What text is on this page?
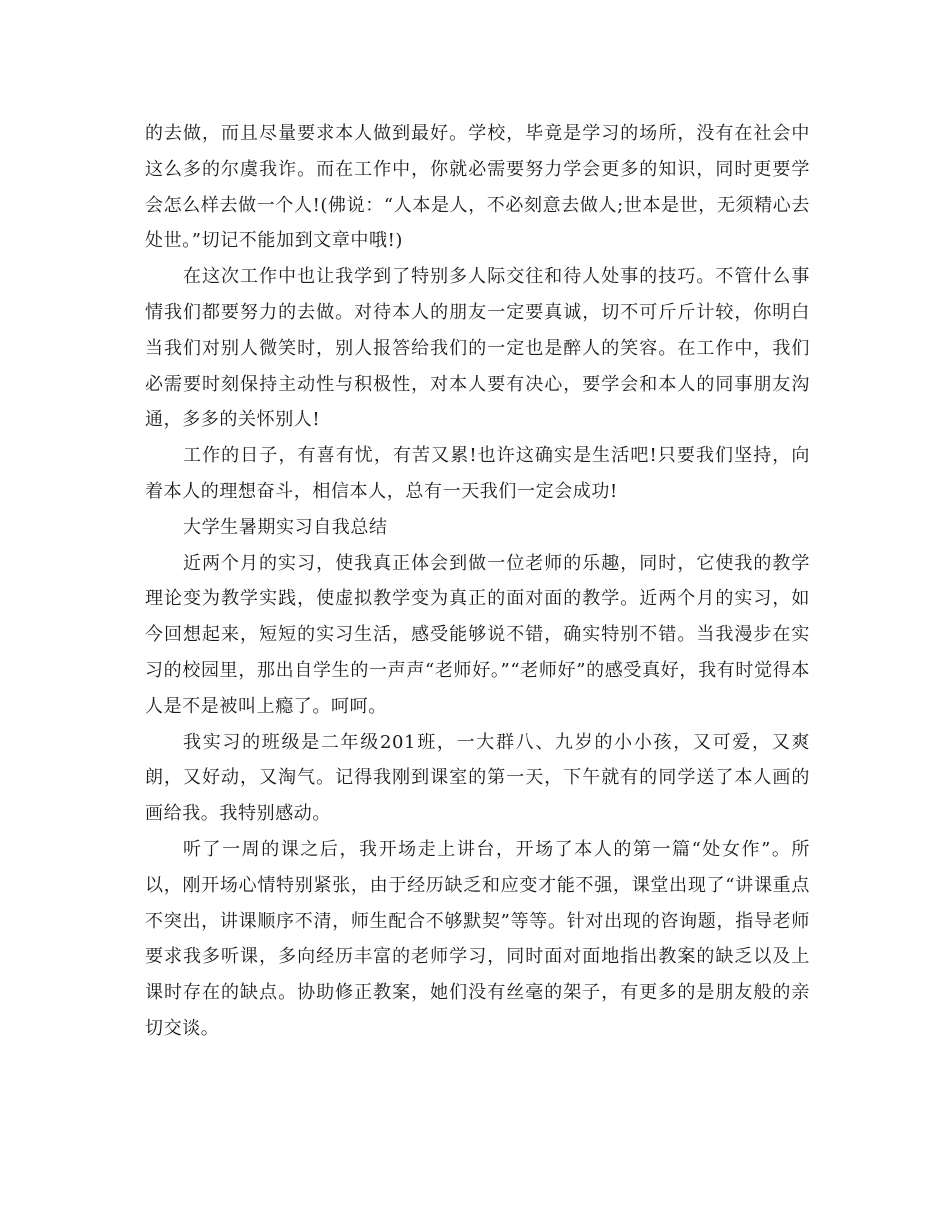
的去做，而且尽量要求本人做到最好。学校，毕竟是学习的场所，没有在社会中这么多的尔虞我诈。而在工作中，你就必需要努力学会更多的知识，同时更要学会怎么样去做一个人!(佛说：“人本是人，不必刻意去做人;世本是世，无须精心去处世。”切记不能加到文章中哦!)

在这次工作中也让我学到了特别多人际交往和待人处事的技巧。不管什么事情我们都要努力的去做。对待本人的朋友一定要真诚，切不可斤斤计较，你明白当我们对别人微笑时，别人报答给我们的一定也是醉人的笑容。在工作中，我们必需要时刻保持主动性与积极性，对本人要有决心，要学会和本人的同事朋友沟通，多多的关怀别人!

工作的日子，有喜有忧，有苦又累!也许这确实是生活吧!只要我们坚持，向着本人的理想奋斗，相信本人，总有一天我们一定会成功!

大学生暑期实习自我总结

近两个月的实习，使我真正体会到做一位老师的乐趣，同时，它使我的教学理论变为教学实践，使虚拟教学变为真正的面对面的教学。近两个月的实习，如今回想起来，短短的实习生活，感受能够说不错，确实特别不错。当我漫步在实习的校园里，那出自学生的一声声“老师好。”“老师好”的感受真好，我有时觉得本人是不是被叫上瘾了。呵呵。

我实习的班级是二年级201班，一大群八、九岁的小小孩，又可爱，又爽朗，又好动，又淘气。记得我刚到课室的第一天，下午就有的同学送了本人画的画给我。我特别感动。

听了一周的课之后，我开场走上讲台，开场了本人的第一篇“处女作”。所以，刚开场心情特别紧张，由于经历缺乏和应变才能不强，课堂出现了“讲课重点不突出，讲课顺序不清，师生配合不够默契”等等。针对出现的咨询题，指导老师要求我多听课，多向经历丰富的老师学习，同时面对面地指出教案的缺乏以及上课时存在的缺点。协助修正教案，她们没有丝毫的架子，有更多的是朋友般的亲切交谈。
